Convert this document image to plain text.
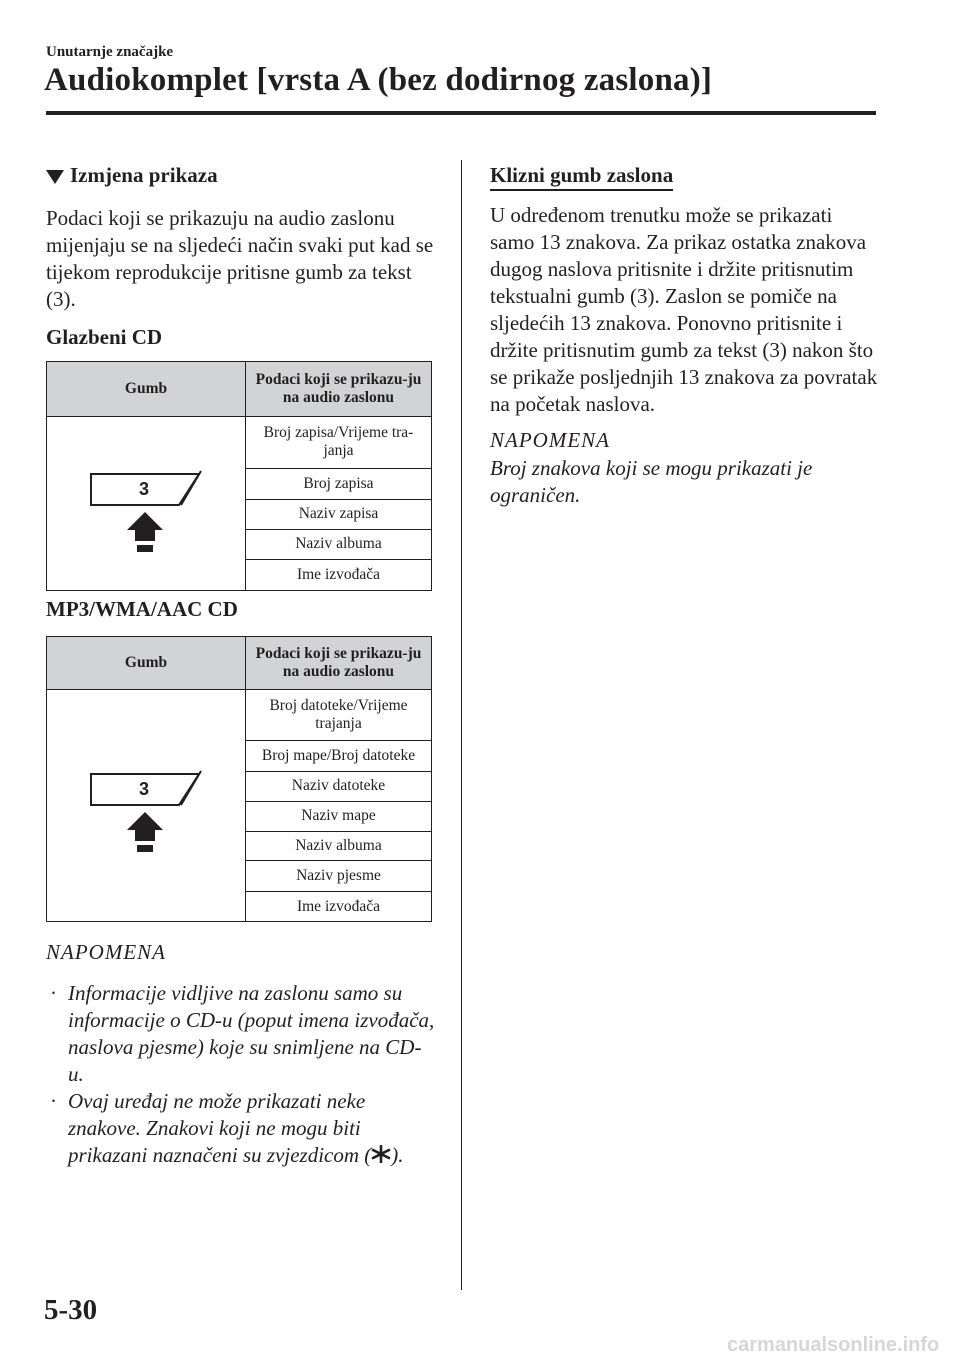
Unutarnje značajke
Audiokomplet [vrsta A (bez dodirnog zaslona)]
Izmjena prikaza
Podaci koji se prikazuju na audio zaslonu mijenjaju se na sljedeći način svaki put kad se tijekom reprodukcije pritisne gumb za tekst (3).
Glazbeni CD
Gumb	Podaci koji se prikazu-ju na audio zaslonu

3	Broj zapisa/Vrijeme tra-janja
	Broj zapisa
	Naziv zapisa
	Naziv albuma
	Ime izvođača
MP3/WMA/AAC CD
Gumb	Podaci koji se prikazu-ju na audio zaslonu

3	Broj datoteke/Vrijeme trajanja
	Broj mape/Broj datoteke
	Naziv datoteke
	Naziv mape
	Naziv albuma
	Naziv pjesme
	Ime izvođača
NAPOMENA
· Informacije vidljive na zaslonu samo su informacije o CD-u (poput imena izvođača, naslova pjesme) koje su snimljene na CD-u.
· Ovaj uređaj ne može prikazati neke znakove. Znakovi koji ne mogu biti prikazani naznačeni su zvjezdicom ( ).
Klizni gumb zaslona
U određenom trenutku može se prikazati samo 13 znakova. Za prikaz ostatka znakova dugog naslova pritisnite i držite pritisnutim tekstualni gumb (3). Zaslon se pomiče na sljedećih 13 znakova. Ponovno pritisnite i držite pritisnutim gumb za tekst (3) nakon što se prikaže posljednjih 13 znakova za povratak na početak naslova.
NAPOMENA
Broj znakova koji se mogu prikazati je ograničen.
5-30
carmanualsonline.info
